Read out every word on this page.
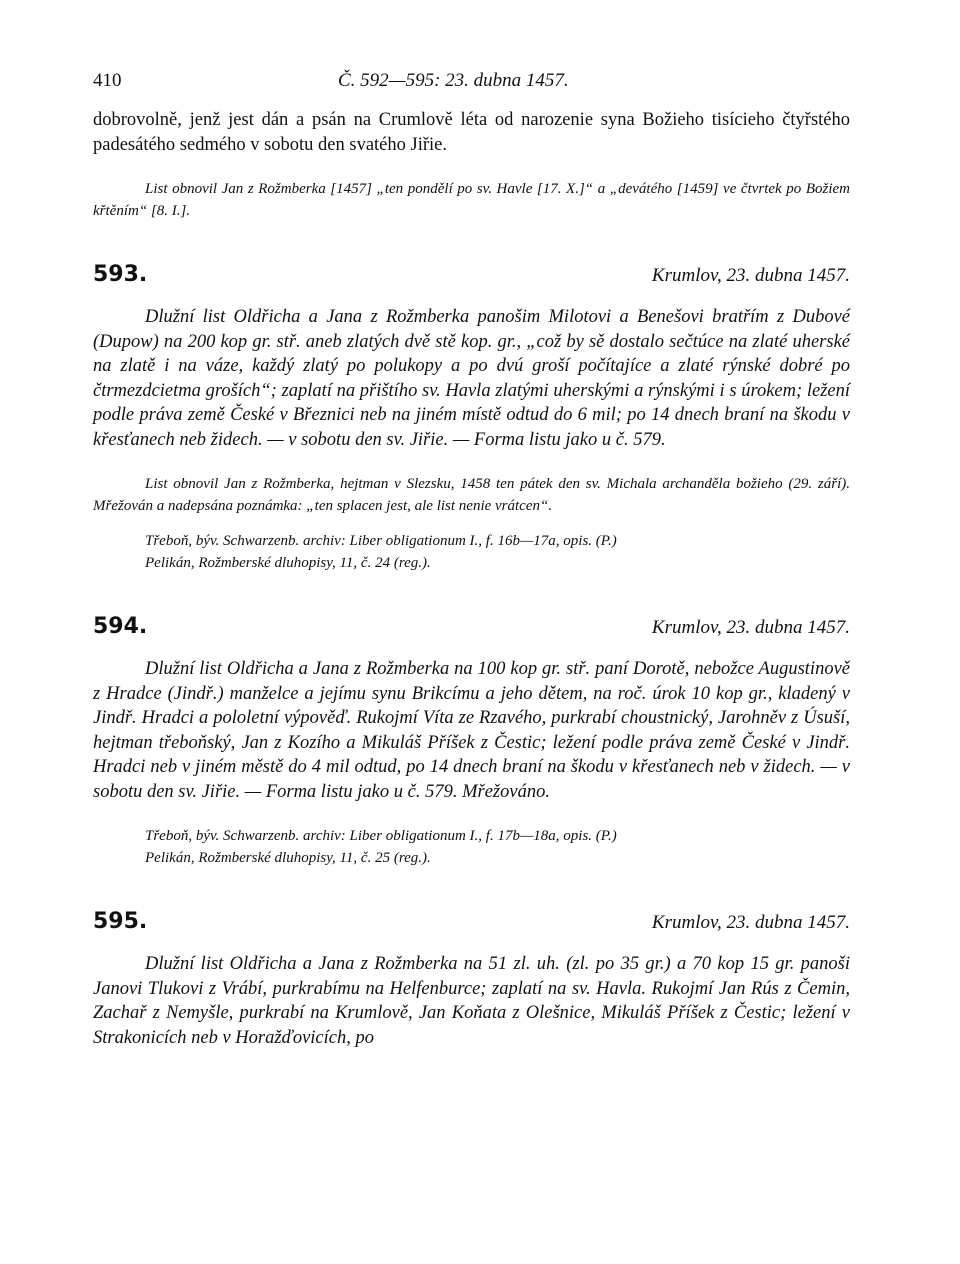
410	Č. 592—595: 23. dubna 1457.

dobrovolně, jenž jest dán a psán na Crumlově léta od narozenie syna Božieho tisícieho čtyřstého padesátého sedmého v sobotu den svatého Jiřie.

List obnovil Jan z Rožmberka [1457] „ten pondělí po sv. Havle [17. X.]“ a „devátého [1459] ve čtvrtek po Božiem křtěním“ [8. I.].

593.	Krumlov, 23. dubna 1457.

Dlužní list Oldřicha a Jana z Rožmberka panošim Milotovi a Benešovi bratřím z Dubové (Dupow) na 200 kop gr. stř. aneb zlatých dvě stě kop. gr., „což by sě dostalo sečtúce na zlaté uherské na zlatě i na váze, každý zlatý po polukopy a po dvú groší počítajíce a zlaté rýnské dobré po čtrmezdcietma groších“; zaplatí na přištího sv. Havla zlatými uherskými a rýnskými i s úrokem; ležení podle práva země České v Březnici neb na jiném místě odtud do 6 mil; po 14 dnech braní na škodu v křesťanech neb židech. — v sobotu den sv. Jiřie. — Forma listu jako u č. 579.

List obnovil Jan z Rožmberka, hejtman v Slezsku, 1458 ten pátek den sv. Michala archanděla božieho (29. září). Mřežován a nadepsána poznámka: „ten splacen jest, ale list nenie vrátcen“.

Třeboň, býv. Schwarzenb. archiv: Liber obligationum I., f. 16b—17a, opis. (P.)

Pelikán, Rožmberské dluhopisy, 11, č. 24 (reg.).

594.	Krumlov, 23. dubna 1457.

Dlužní list Oldřicha a Jana z Rožmberka na 100 kop gr. stř. paní Dorotě, nebožce Augustinově z Hradce (Jindř.) manželce a jejímu synu Brikcímu a jeho dětem, na roč. úrok 10 kop gr., kladený v Jindř. Hradci a pololetní výpověď. Rukojmí Víta ze Rzavého, purkrabí choustnický, Jarohněv z Úsuší, hejtman třeboňský, Jan z Kozího a Mikuláš Příšek z Čestic; ležení podle práva země České v Jindř. Hradci neb v jiném městě do 4 mil odtud, po 14 dnech braní na škodu v křesťanech neb v židech. — v sobotu den sv. Jiřie. — Forma listu jako u č. 579. Mřežováno.

Třeboň, býv. Schwarzenb. archiv: Liber obligationum I., f. 17b—18a, opis. (P.)

Pelikán, Rožmberské dluhopisy, 11, č. 25 (reg.).

595.	Krumlov, 23. dubna 1457.

Dlužní list Oldřicha a Jana z Rožmberka na 51 zl. uh. (zl. po 35 gr.) a 70 kop 15 gr. panoši Janovi Tlukovi z Vrábí, purkrabímu na Helfenburce; zaplatí na sv. Havla. Rukojmí Jan Rús z Čemin, Zachař z Nemyšle, purkrabí na Krumlově, Jan Koňata z Olešnice, Mikuláš Příšek z Čestic; ležení v Strakonicích neb v Horažďovicích, po
